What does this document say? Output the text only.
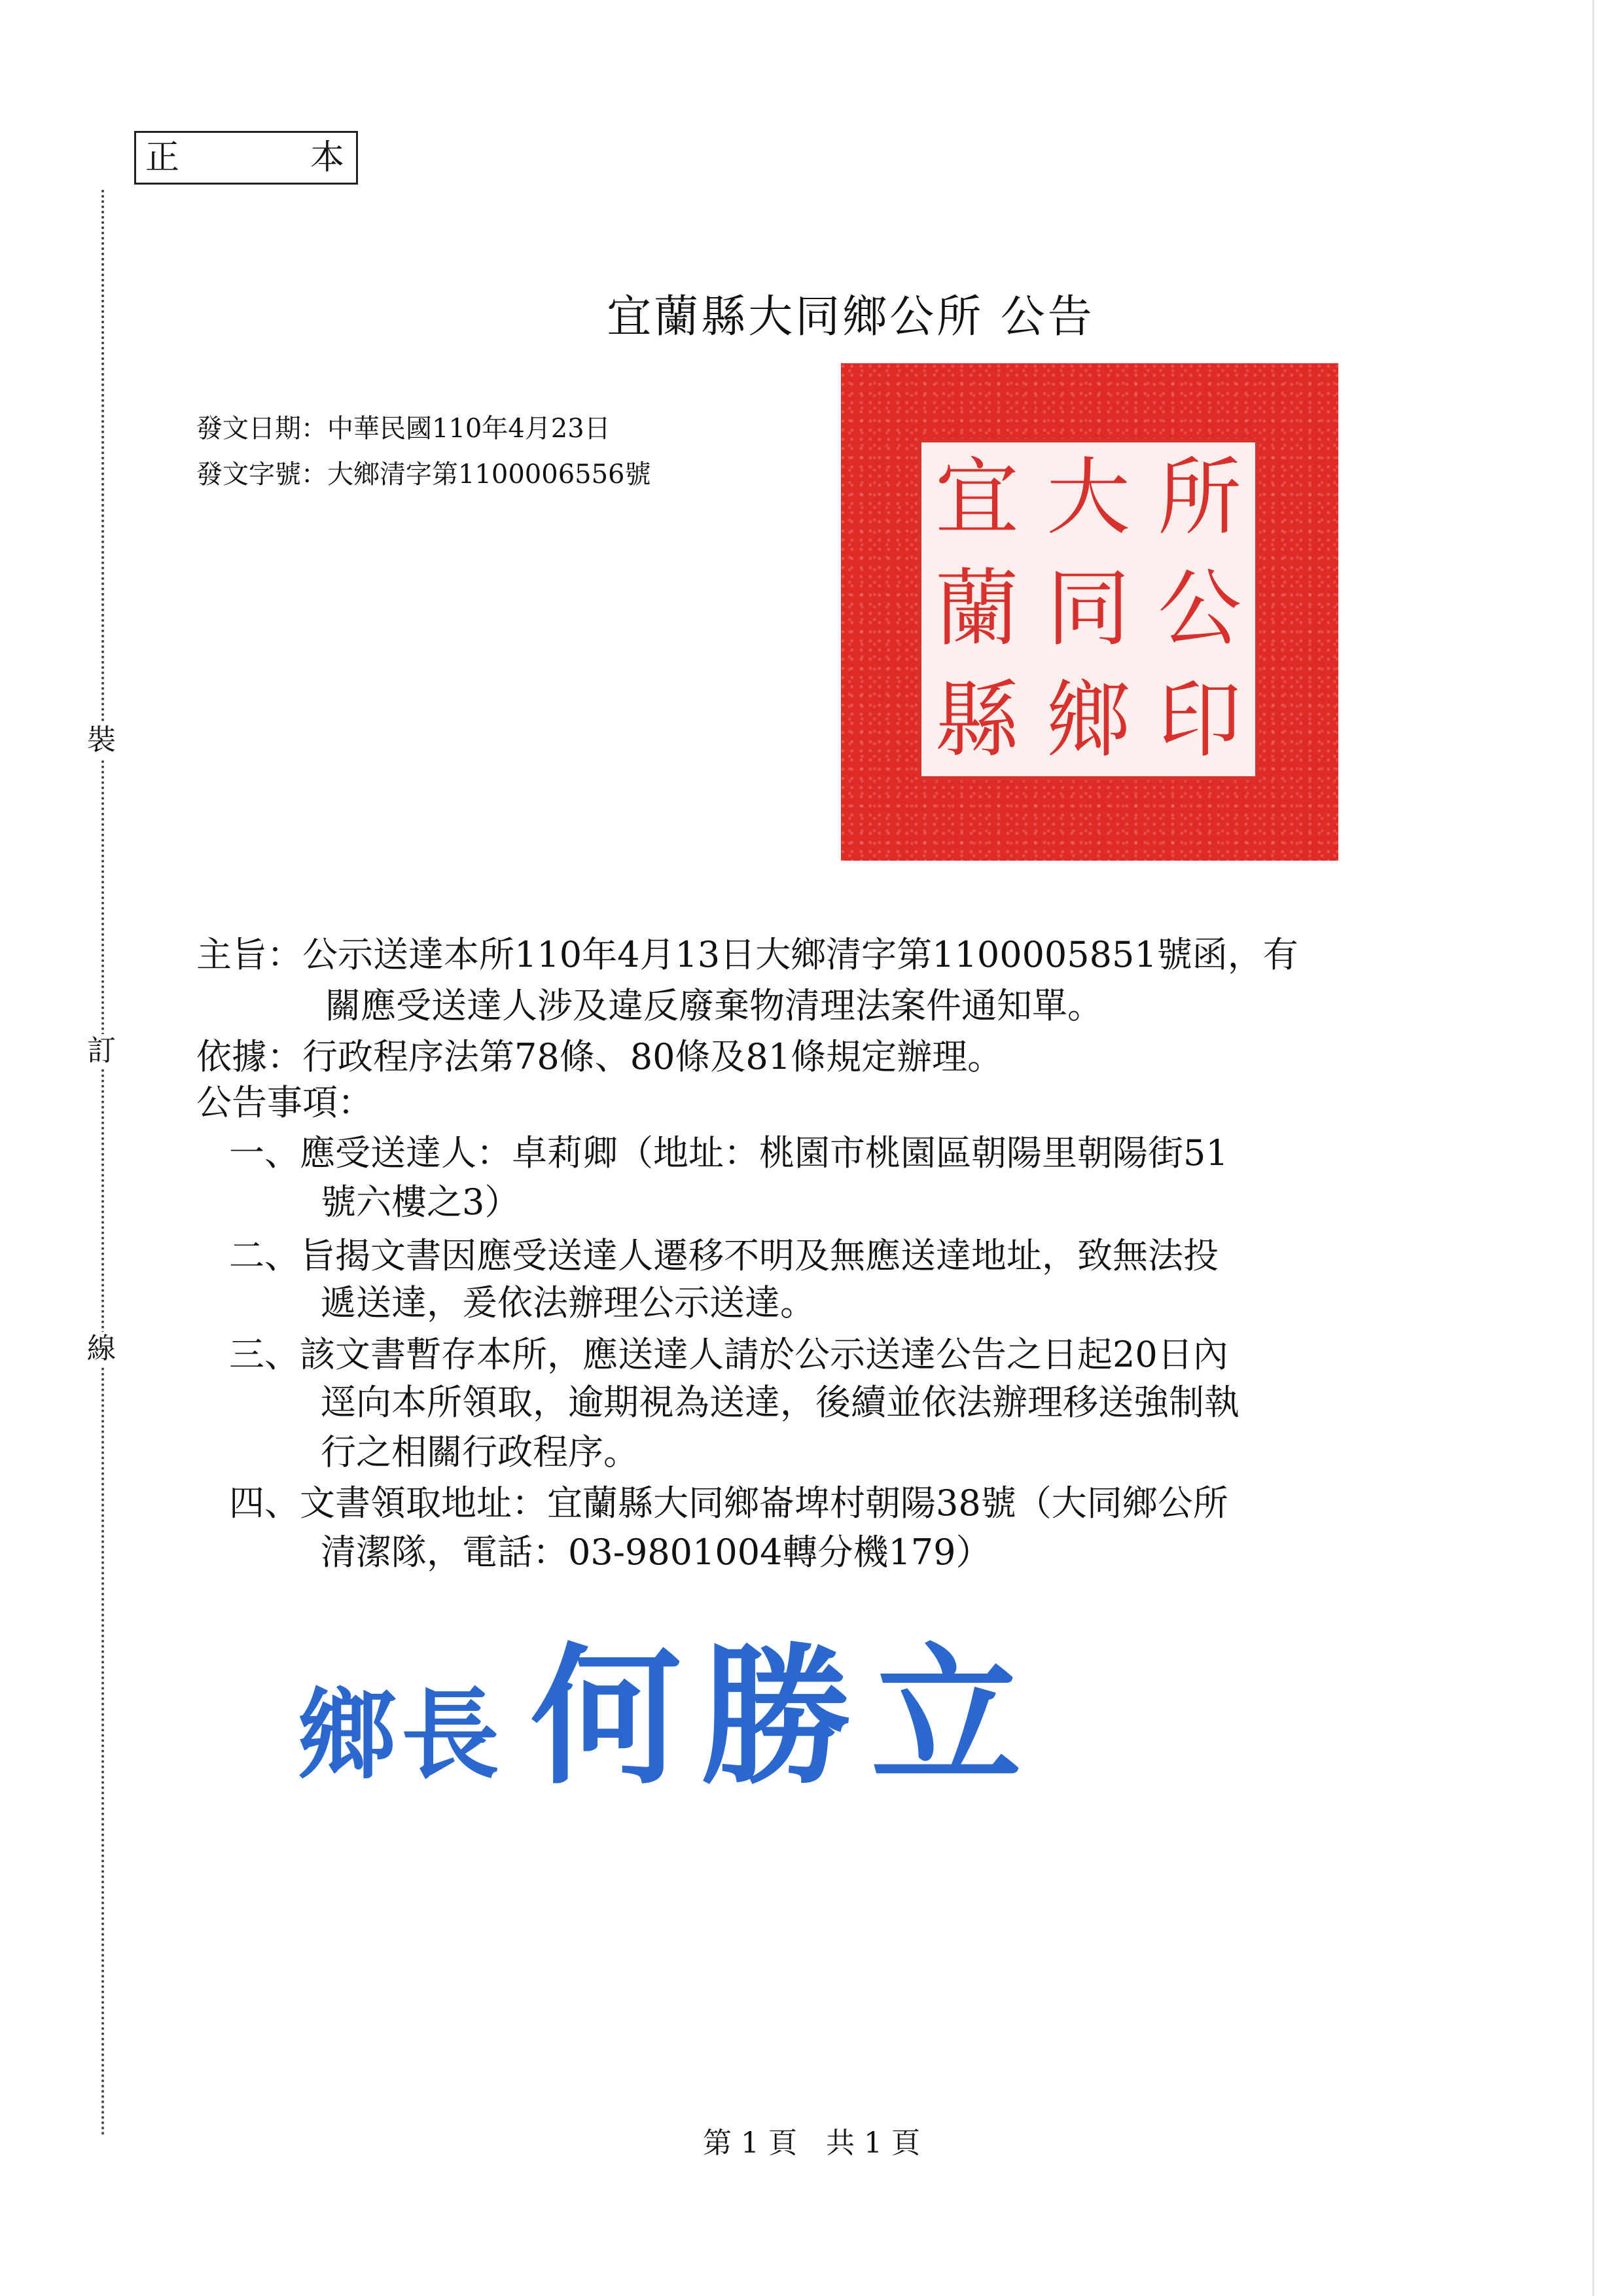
正	本
裝
訂
線
宜蘭縣大同鄉公所 公告
發文日期：中華民國110年4月23日
發文字號：大鄉清字第1100006556號	宜 大 所
蘭 同 公
縣 鄉 印
主旨：公示送達本所110年4月13日大鄉清字第1100005851號函，有
關應受送達人涉及違反廢棄物清理法案件通知單。
依據：行政程序法第78條、80條及81條規定辦理。
公告事項：
一、應受送達人：卓莉卿（地址：桃園市桃園區朝陽里朝陽街51
號六樓之3）
二、旨揭文書因應受送達人遷移不明及無應送達地址，致無法投
遞送達，爰依法辦理公示送達。
三、該文書暫存本所，應送達人請於公示送達公告之日起20日內
逕向本所領取，逾期視為送達，後續並依法辦理移送強制執
行之相關行政程序。
四、文書領取地址：宜蘭縣大同鄉崙埤村朝陽38號（大同鄉公所
清潔隊，電話：03-9801004轉分機179）
鄉長 何勝立
第 1 頁　共 1 頁
